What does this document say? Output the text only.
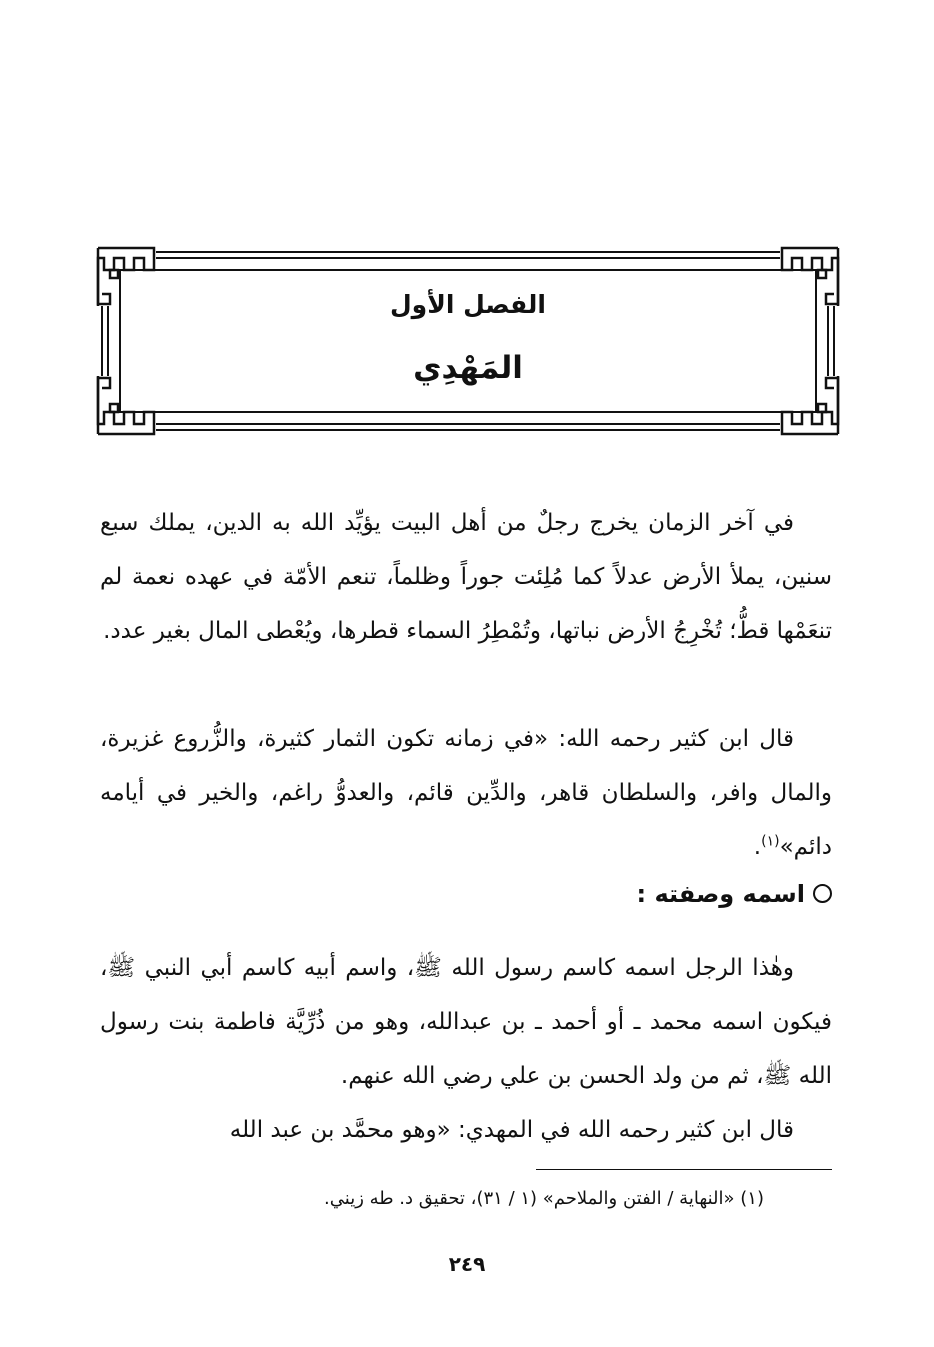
الفصل الأول
المَهْدِي
في آخر الزمان يخرج رجلٌ من أهل البيت يؤيِّد الله به الدين، يملك سبع سنين، يملأ الأرض عدلاً كما مُلِئت جوراً وظلماً، تنعم الأمّة في عهده نعمة لم تنعَمْها قطُّ؛ تُخْرِجُ الأرض نباتها، وتُمْطِرُ السماء قطرها، ويُعْطى المال بغير عدد.
قال ابن كثير رحمه الله: «في زمانه تكون الثمار كثيرة، والزُّروع غزيرة، والمال وافر، والسلطان قاهر، والدِّين قائم، والعدوُّ راغم، والخير في أيامه دائم»$^{(١)}$.
اسمه وصفته :
وهٰذا الرجل اسمه كاسم رسول الله ﷺ، واسم أبيه كاسم أبي النبي ﷺ، فيكون اسمه محمد ـ أو أحمد ـ بن عبدالله، وهو من ذُرِّيَّة فاطمة بنت رسول الله ﷺ، ثم من ولد الحسن بن علي رضي الله عنهم.
قال ابن كثير رحمه الله في المهدي: «وهو محمَّد بن عبد الله
(١) «النهاية / الفتن والملاحم» (١ / ٣١)، تحقيق د. طه زيني.
٢٤٩
